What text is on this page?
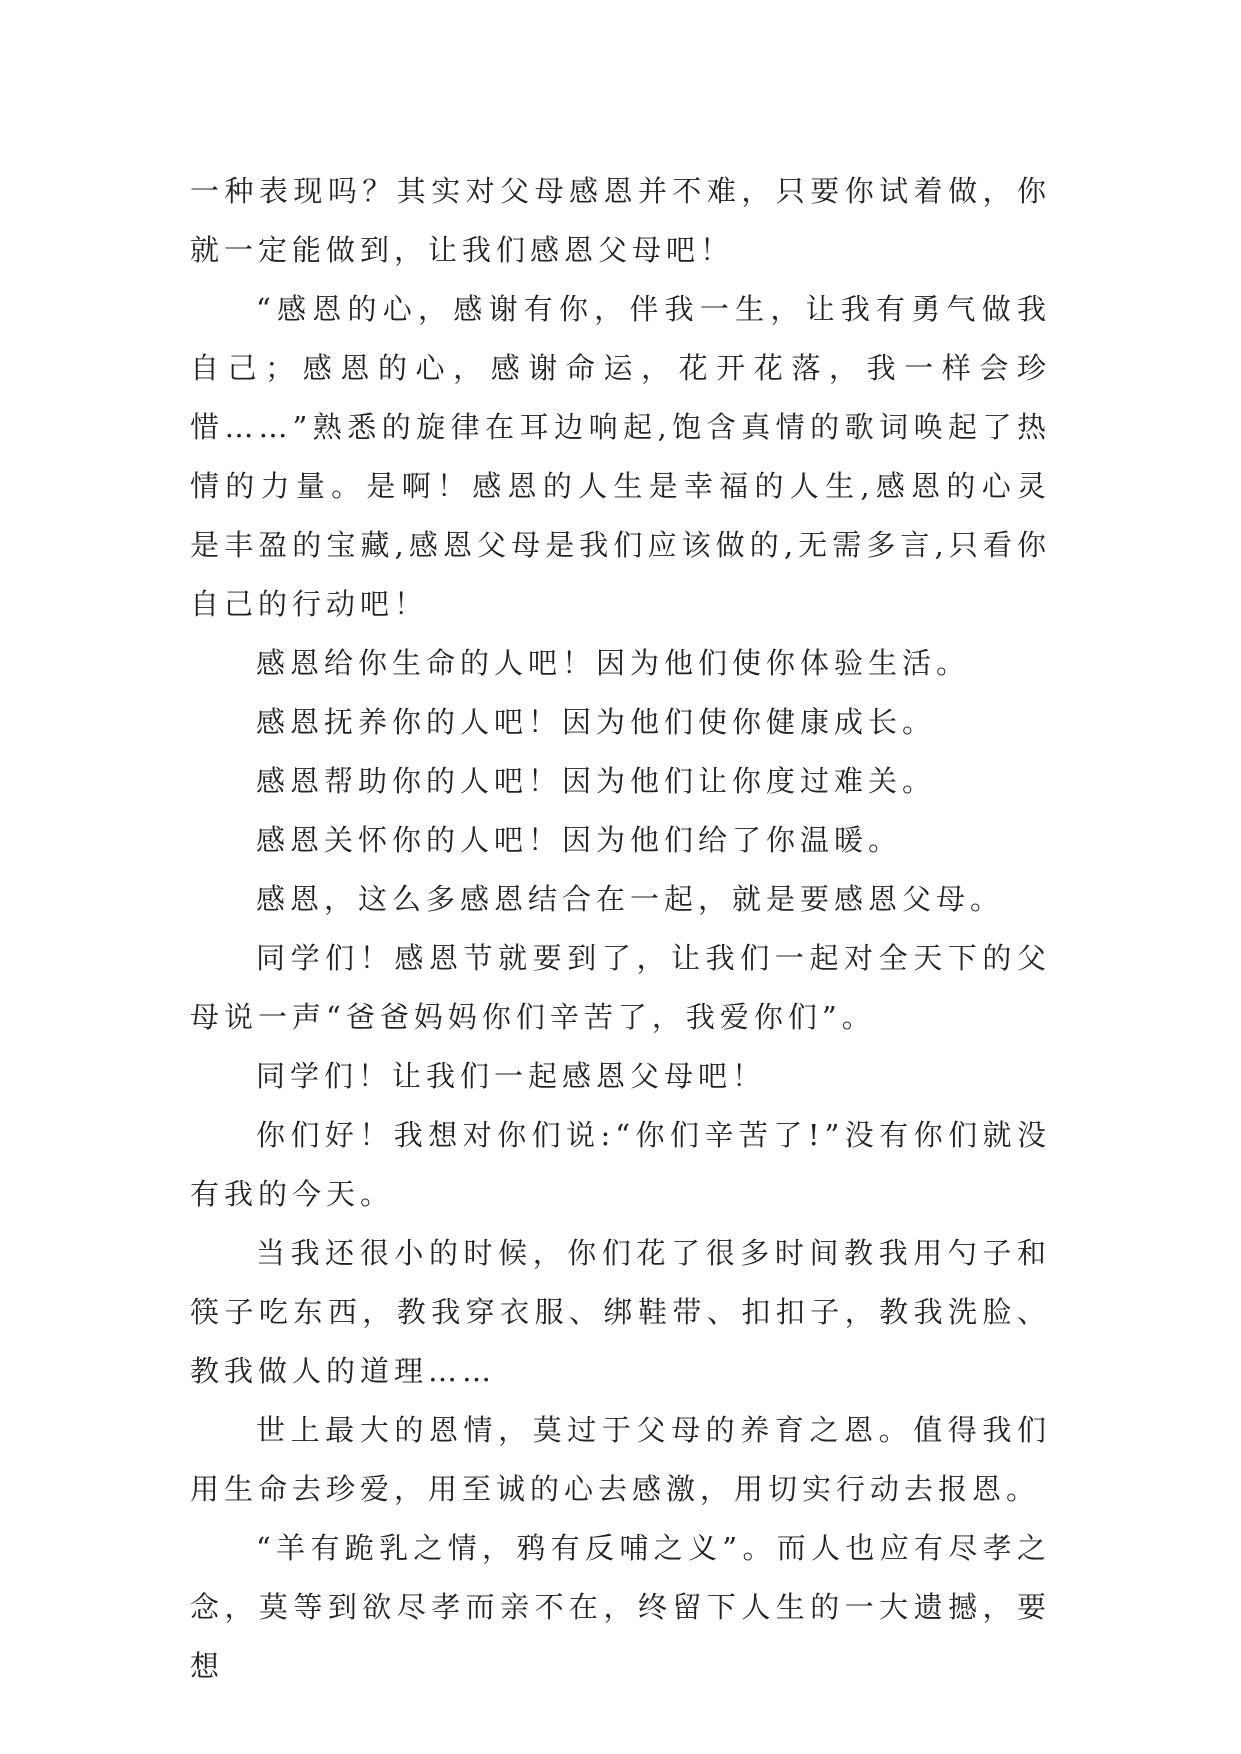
一种表现吗？其实对父母感恩并不难，只要你试着做，你就一定能做到，让我们感恩父母吧！

“感恩的心，感谢有你，伴我一生，让我有勇气做我自己；感恩的心，感谢命运，花开花落，我一样会珍惜……”熟悉的旋律在耳边响起,饱含真情的歌词唤起了热情的力量。是啊！感恩的人生是幸福的人生,感恩的心灵是丰盈的宝藏,感恩父母是我们应该做的,无需多言,只看你自己的行动吧！

感恩给你生命的人吧！因为他们使你体验生活。

感恩抚养你的人吧！因为他们使你健康成长。

感恩帮助你的人吧！因为他们让你度过难关。

感恩关怀你的人吧！因为他们给了你温暖。

感恩，这么多感恩结合在一起，就是要感恩父母。

同学们！感恩节就要到了，让我们一起对全天下的父母说一声“爸爸妈妈你们辛苦了，我爱你们”。

同学们！让我们一起感恩父母吧！

你们好！我想对你们说:“你们辛苦了!”没有你们就没有我的今天。

当我还很小的时候，你们花了很多时间教我用勺子和筷子吃东西，教我穿衣服、绑鞋带、扣扣子，教我洗脸、教我做人的道理……

世上最大的恩情，莫过于父母的养育之恩。值得我们用生命去珍爱，用至诚的心去感激，用切实行动去报恩。

“羊有跪乳之情，鸦有反哺之义”。而人也应有尽孝之念，莫等到欲尽孝而亲不在，终留下人生的一大遗撼，要想
